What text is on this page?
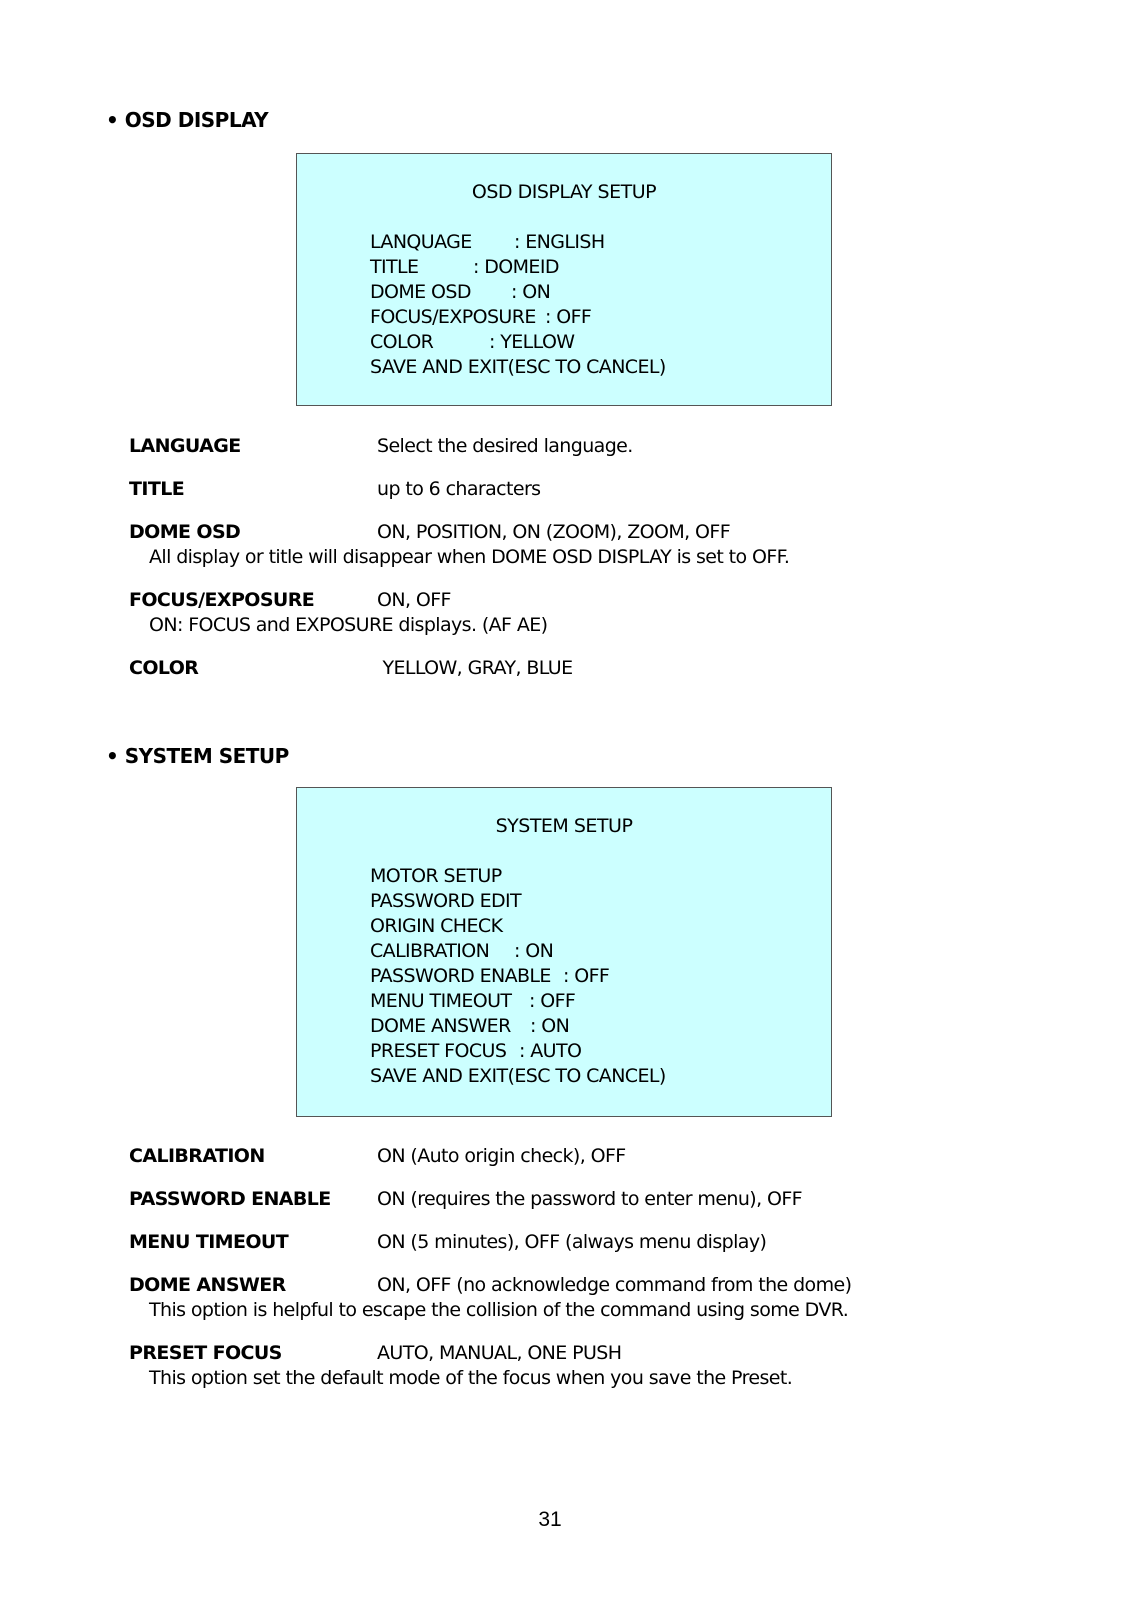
• OSD DISPLAY
OSD DISPLAY SETUP
LANQUAGE : ENGLISH
TITLE	: DOMEID
DOME OSD : ON
FOCUS/EXPOSURE : OFF
COLOR	: YELLOW
SAVE AND EXIT(ESC TO CANCEL)
LANGUAGE	Select the desired language.
TITLE	up to 6 characters
DOME OSD	ON, POSITION, ON (ZOOM), ZOOM, OFF
All display or title will disappear when DOME OSD DISPLAY is set to OFF.
FOCUS/EXPOSURE	ON, OFF
ON: FOCUS and EXPOSURE displays. (AF AE)
COLOR	YELLOW, GRAY, BLUE
• SYSTEM SETUP
SYSTEM SETUP
MOTOR SETUP
PASSWORD EDIT
ORIGIN CHECK
CALIBRATION : ON
PASSWORD ENABLE : OFF
MENU TIMEOUT : OFF
DOME ANSWER : ON
PRESET FOCUS : AUTO
SAVE AND EXIT(ESC TO CANCEL)
CALIBRATION	ON (Auto origin check), OFF
PASSWORD ENABLE ON (requires the password to enter menu), OFF
MENU TIMEOUT	ON (5 minutes), OFF (always menu display)
DOME ANSWER	ON, OFF (no acknowledge command from the dome)
This option is helpful to escape the collision of the command using some DVR.
PRESET FOCUS	AUTO, MANUAL, ONE PUSH
This option set the default mode of the focus when you save the Preset.
31
